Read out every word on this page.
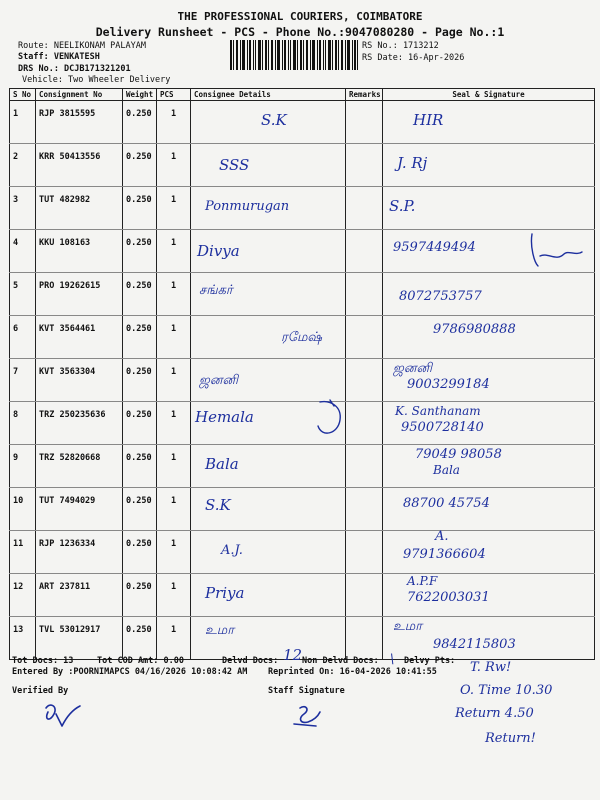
THE PROFESSIONAL COURIERS, COIMBATORE
Delivery Runsheet - PCS - Phone No.:9047080280 - Page No.:1
Route: NEELIKONAM PALAYAM
Staff: VENKATESH
DRS No.: DCJB171321201
Vehicle: Two Wheeler Delivery
RS No.: 1713212
RS Date: 16-Apr-2026
S No	Consignment No	Weight	PCS	Consignee Details	Remarks	Seal & Signature
1	RJP 3815595	0.250	1	S.K		HIR

2	KRR 50413556	0.250	1	SSS		J. Rj

3	TUT 482982	0.250	1	Ponmurugan		S.P.

4	KKU 108163	0.250	1	Divya		9597449494

5	PRO 19262615	0.250	1	சங்கர்		8072753757

6	KVT 3564461	0.250	1	ரமேஷ்		9786980888

7	KVT 3563304	0.250	1	ஜனனி		ஜனனி
9003299184

8	TRZ 250235636	0.250	1	Hemala		K. Santhanam
9500728140

9	TRZ 52820668	0.250	1	Bala		79049 98058
Bala

10	TUT 7494029	0.250	1	S.K		88700 45754

11	RJP 1236334	0.250	1	A.J.		A.
9791366604

12	ART 237811	0.250	1	Priya		A.P.F
7622003031

13	TVL 53012917	0.250	1	உமா		உமா
9842115803
Tot Docs: 13	Tot COD Amt: 0.00	Delvd Docs: 12 Non Delvd Docs: \ Delvy Pts:
Entered By :POORNIMAPCS 04/16/2026 10:08:42 AM Reprinted On: 16-04-2026 10:41:55
Verified By	Staff Signature
T. Rw!
O. Time 10.30
Return 4.50
Return!
